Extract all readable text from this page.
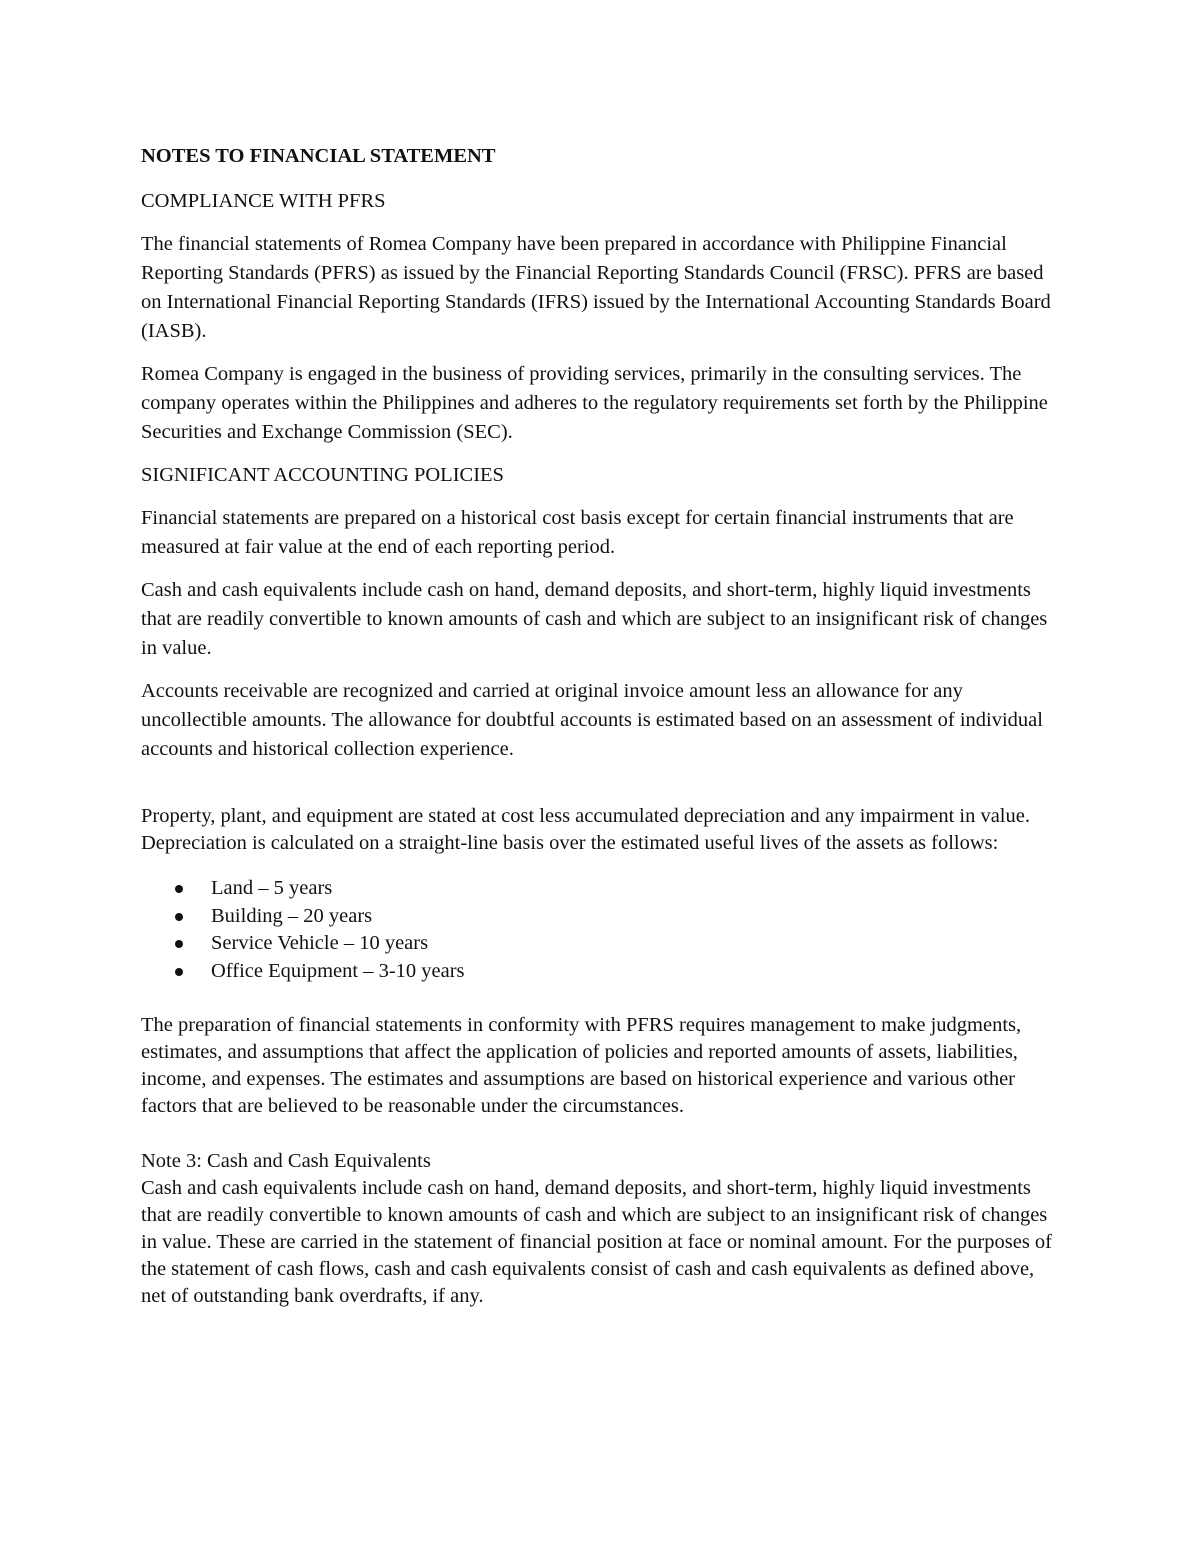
NOTES TO FINANCIAL STATEMENT
COMPLIANCE WITH PFRS

The financial statements of Romea Company have been prepared in accordance with Philippine Financial Reporting Standards (PFRS) as issued by the Financial Reporting Standards Council (FRSC). PFRS are based on International Financial Reporting Standards (IFRS) issued by the International Accounting Standards Board (IASB).

Romea Company is engaged in the business of providing services, primarily in the consulting services. The company operates within the Philippines and adheres to the regulatory requirements set forth by the Philippine Securities and Exchange Commission (SEC).

SIGNIFICANT ACCOUNTING POLICIES

Financial statements are prepared on a historical cost basis except for certain financial instruments that are measured at fair value at the end of each reporting period.

Cash and cash equivalents include cash on hand, demand deposits, and short-term, highly liquid investments that are readily convertible to known amounts of cash and which are subject to an insignificant risk of changes in value.

Accounts receivable are recognized and carried at original invoice amount less an allowance for any uncollectible amounts. The allowance for doubtful accounts is estimated based on an assessment of individual accounts and historical collection experience.

Property, plant, and equipment are stated at cost less accumulated depreciation and any impairment in value. Depreciation is calculated on a straight-line basis over the estimated useful lives of the assets as follows:

Land – 5 years
Building – 20 years
Service Vehicle – 10 years
Office Equipment – 3-10 years

The preparation of financial statements in conformity with PFRS requires management to make judgments, estimates, and assumptions that affect the application of policies and reported amounts of assets, liabilities, income, and expenses. The estimates and assumptions are based on historical experience and various other factors that are believed to be reasonable under the circumstances.

Note 3: Cash and Cash Equivalents
Cash and cash equivalents include cash on hand, demand deposits, and short-term, highly liquid investments that are readily convertible to known amounts of cash and which are subject to an insignificant risk of changes in value. These are carried in the statement of financial position at face or nominal amount. For the purposes of the statement of cash flows, cash and cash equivalents consist of cash and cash equivalents as defined above, net of outstanding bank overdrafts, if any.
